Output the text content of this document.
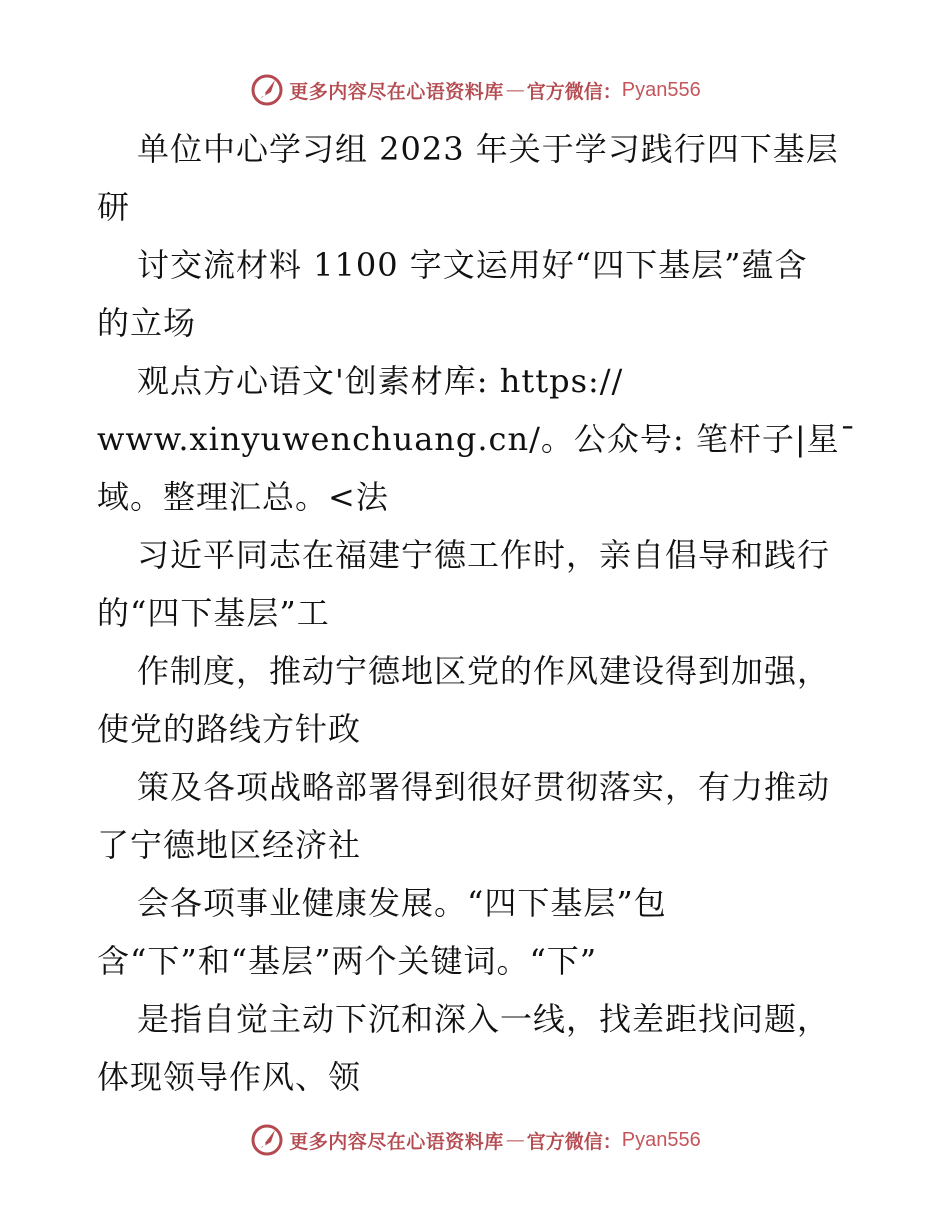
更多内容尽在心语资料库 — 官方微信： Pyan556
单位中心学习组 2023 年关于学习践行四下基层
研
讨交流材料 1100 字文运用好“四下基层”蕴含
的立场
观点方心语文'创素材库: https://
www.xinyuwenchuang.cn/。公众号: 笔杆子|星¯
域。整理汇总。<法
习近平同志在福建宁德工作时，亲自倡导和践行
的“四下基层”工
作制度，推动宁德地区党的作风建设得到加强，
使党的路线方针政
策及各项战略部署得到很好贯彻落实，有力推动
了宁德地区经济社
会各项事业健康发展。“四下基层”包
含“下”和“基层”两个关键词。“下”
是指自觉主动下沉和深入一线，找差距找问题，
体现领导作风、领
更多内容尽在心语资料库 — 官方微信： Pyan556
